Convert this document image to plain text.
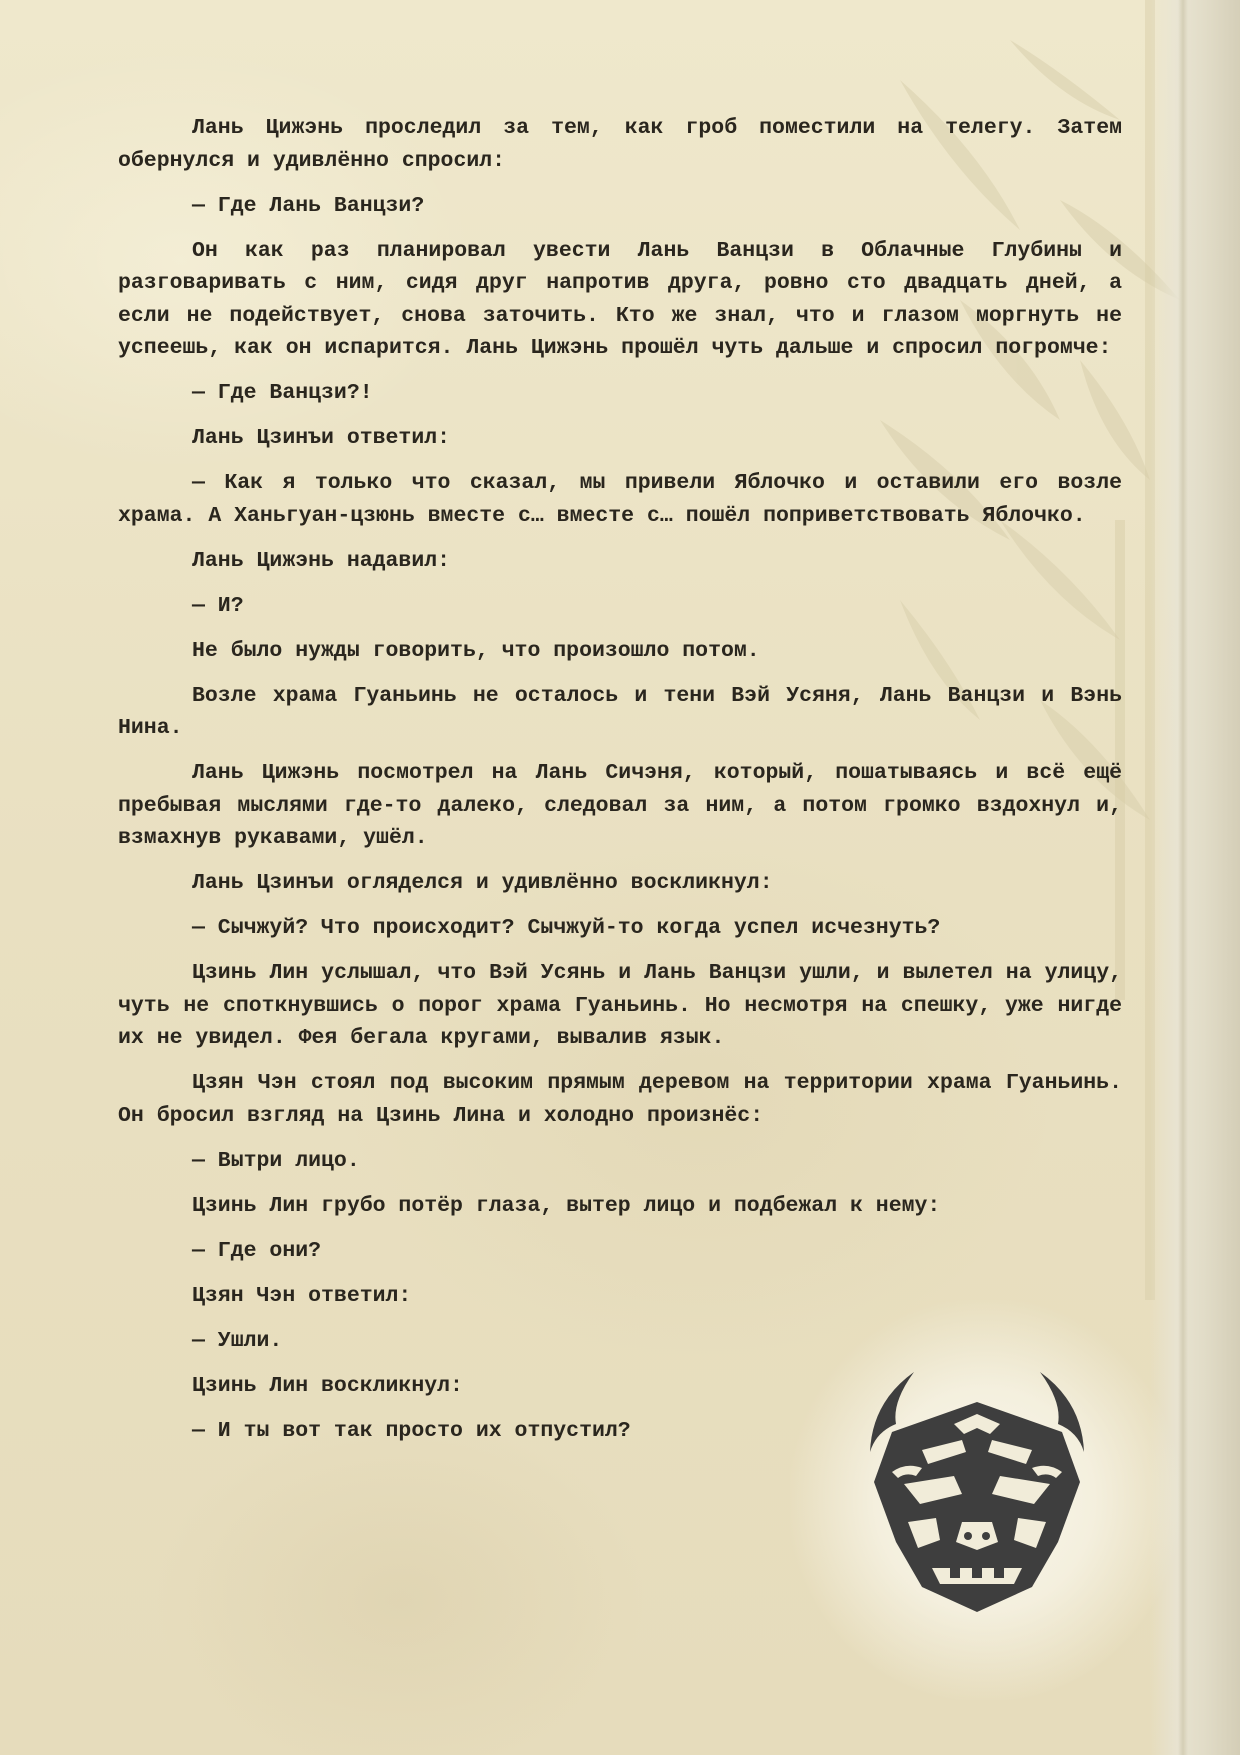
Лань Цижэнь проследил за тем, как гроб поместили на телегу. Затем обернулся и удивлённо спросил:

— Где Лань Ванцзи?

Он как раз планировал увести Лань Ванцзи в Облачные Глубины и разговаривать с ним, сидя друг напротив друга, ровно сто двадцать дней, а если не подействует, снова заточить. Кто же знал, что и глазом моргнуть не успеешь, как он испарится. Лань Цижэнь прошёл чуть дальше и спросил погромче:

— Где Ванцзи?!

Лань Цзинъи ответил:

— Как я только что сказал, мы привели Яблочко и оставили его возле храма. А Ханьгуан-цзюнь вместе с… вместе с… пошёл поприветствовать Яблочко.

Лань Цижэнь надавил:

— И?

Не было нужды говорить, что произошло потом.

Возле храма Гуаньинь не осталось и тени Вэй Усяня, Лань Ванцзи и Вэнь Нина.

Лань Цижэнь посмотрел на Лань Сичэня, который, пошатываясь и всё ещё пребывая мыслями где-то далеко, следовал за ним, а потом громко вздохнул и, взмахнув рукавами, ушёл.

Лань Цзинъи огляделся и удивлённо воскликнул:

— Сычжуй? Что происходит? Сычжуй-то когда успел исчезнуть?

Цзинь Лин услышал, что Вэй Усянь и Лань Ванцзи ушли, и вылетел на улицу, чуть не споткнувшись о порог храма Гуаньинь. Но несмотря на спешку, уже нигде их не увидел. Фея бегала кругами, вывалив язык.

Цзян Чэн стоял под высоким прямым деревом на территории храма Гуаньинь. Он бросил взгляд на Цзинь Лина и холодно произнёс:

— Вытри лицо.

Цзинь Лин грубо потёр глаза, вытер лицо и подбежал к нему:

— Где они?

Цзян Чэн ответил:

— Ушли.

Цзинь Лин воскликнул:

— И ты вот так просто их отпустил?
